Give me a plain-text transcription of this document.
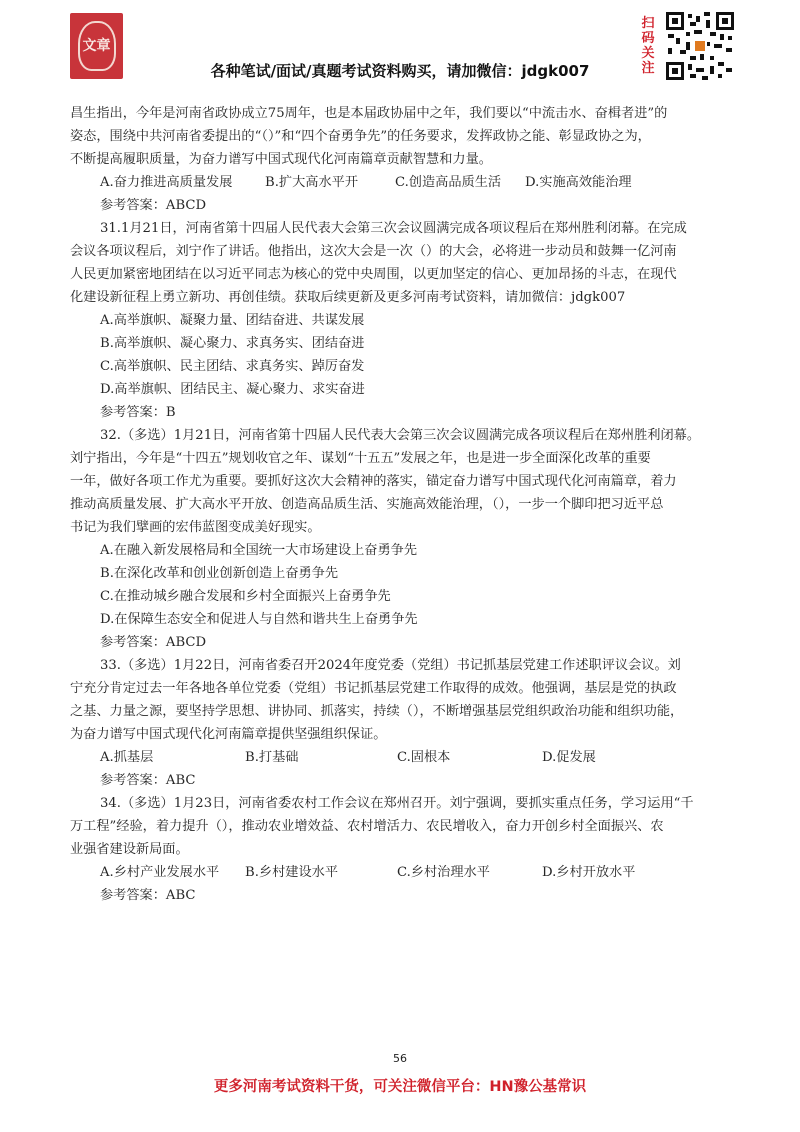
文章
扫码关注
各种笔试/面试/真题考试资料购买，请加微信：jdgk007

昌生指出，今年是河南省政协成立75周年，也是本届政协届中之年，我们要以“中流击水、奋楫者进”的

姿态，围绕中共河南省委提出的“（）”和“四个奋勇争先”的任务要求，发挥政协之能、彰显政协之为，

不断提高履职质量，为奋力谱写中国式现代化河南篇章贡献智慧和力量。

A.奋力推进高质量发展	B.扩大高水平开	C.创造高品质生活	D.实施高效能治理

参考答案：ABCD

31.1月21日，河南省第十四届人民代表大会第三次会议圆满完成各项议程后在郑州胜利闭幕。在完成

会议各项议程后，刘宁作了讲话。他指出，这次大会是一次（）的大会，必将进一步动员和鼓舞一亿河南

人民更加紧密地团结在以习近平同志为核心的党中央周围，以更加坚定的信心、更加昂扬的斗志，在现代

化建设新征程上勇立新功、再创佳绩。获取后续更新及更多河南考试资料，请加微信：jdgk007

A.高举旗帜、凝聚力量、团结奋进、共谋发展

B.高举旗帜、凝心聚力、求真务实、团结奋进

C.高举旗帜、民主团结、求真务实、踔厉奋发

D.高举旗帜、团结民主、凝心聚力、求实奋进

参考答案：B

32.（多选）1月21日，河南省第十四届人民代表大会第三次会议圆满完成各项议程后在郑州胜利闭幕。

刘宁指出，今年是“十四五”规划收官之年、谋划“十五五”发展之年，也是进一步全面深化改革的重要

一年，做好各项工作尤为重要。要抓好这次大会精神的落实，锚定奋力谱写中国式现代化河南篇章，着力

推动高质量发展、扩大高水平开放、创造高品质生活、实施高效能治理，（），一步一个脚印把习近平总

书记为我们擘画的宏伟蓝图变成美好现实。

A.在融入新发展格局和全国统一大市场建设上奋勇争先

B.在深化改革和创业创新创造上奋勇争先

C.在推动城乡融合发展和乡村全面振兴上奋勇争先

D.在保障生态安全和促进人与自然和谐共生上奋勇争先

参考答案：ABCD

33.（多选）1月22日，河南省委召开2024年度党委（党组）书记抓基层党建工作述职评议会议。刘

宁充分肯定过去一年各地各单位党委（党组）书记抓基层党建工作取得的成效。他强调，基层是党的执政

之基、力量之源，要坚持学思想、讲协同、抓落实，持续（），不断增强基层党组织政治功能和组织功能，

为奋力谱写中国式现代化河南篇章提供坚强组织保证。

A.抓基层	B.打基础	C.固根本	D.促发展

参考答案：ABC

34.（多选）1月23日，河南省委农村工作会议在郑州召开。刘宁强调，要抓实重点任务，学习运用“千

万工程”经验，着力提升（），推动农业增效益、农村增活力、农民增收入，奋力开创乡村全面振兴、农

业强省建设新局面。

A.乡村产业发展水平	B.乡村建设水平	C.乡村治理水平	D.乡村开放水平

参考答案：ABC

56
更多河南考试资料干货，可关注微信平台：HN豫公基常识
